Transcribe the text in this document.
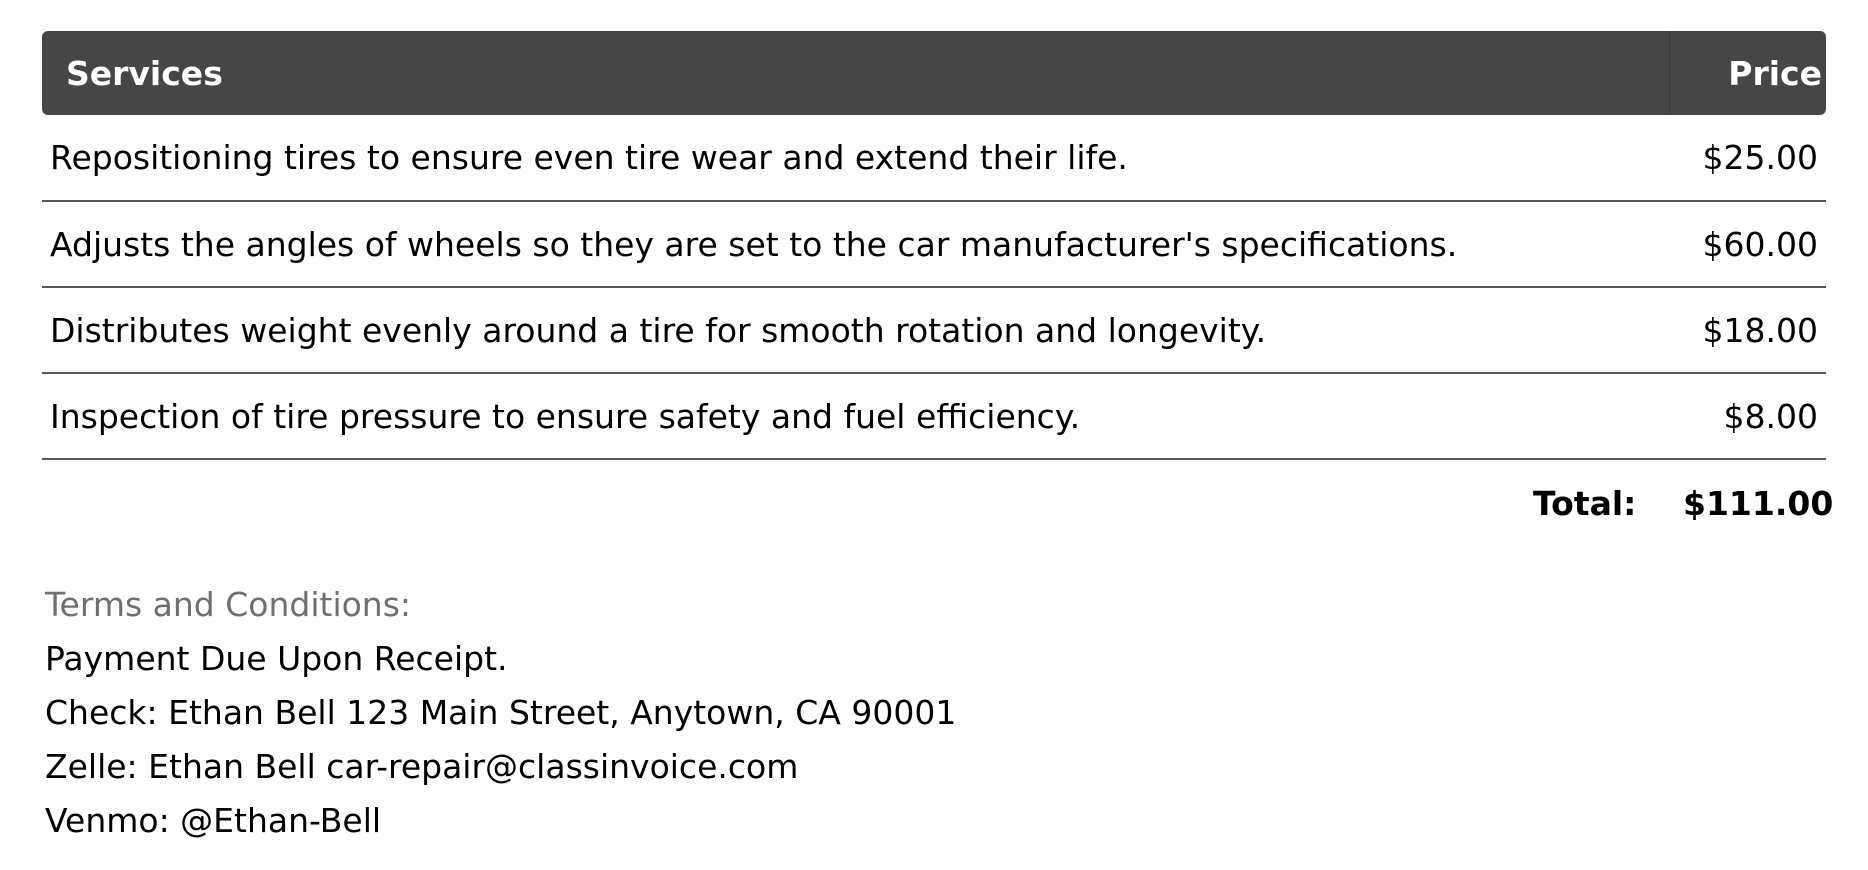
Services	Price
Repositioning tires to ensure even tire wear and extend their life.	$25.00
Adjusts the angles of wheels so they are set to the car manufacturer's specifications.	$60.00
Distributes weight evenly around a tire for smooth rotation and longevity.	$18.00
Inspection of tire pressure to ensure safety and fuel efficiency.	$8.00
Total:	$111.00
Terms and Conditions:
Payment Due Upon Receipt.
Check: Ethan Bell 123 Main Street, Anytown, CA 90001
Zelle: Ethan Bell car-repair@classinvoice.com
Venmo: @Ethan-Bell
